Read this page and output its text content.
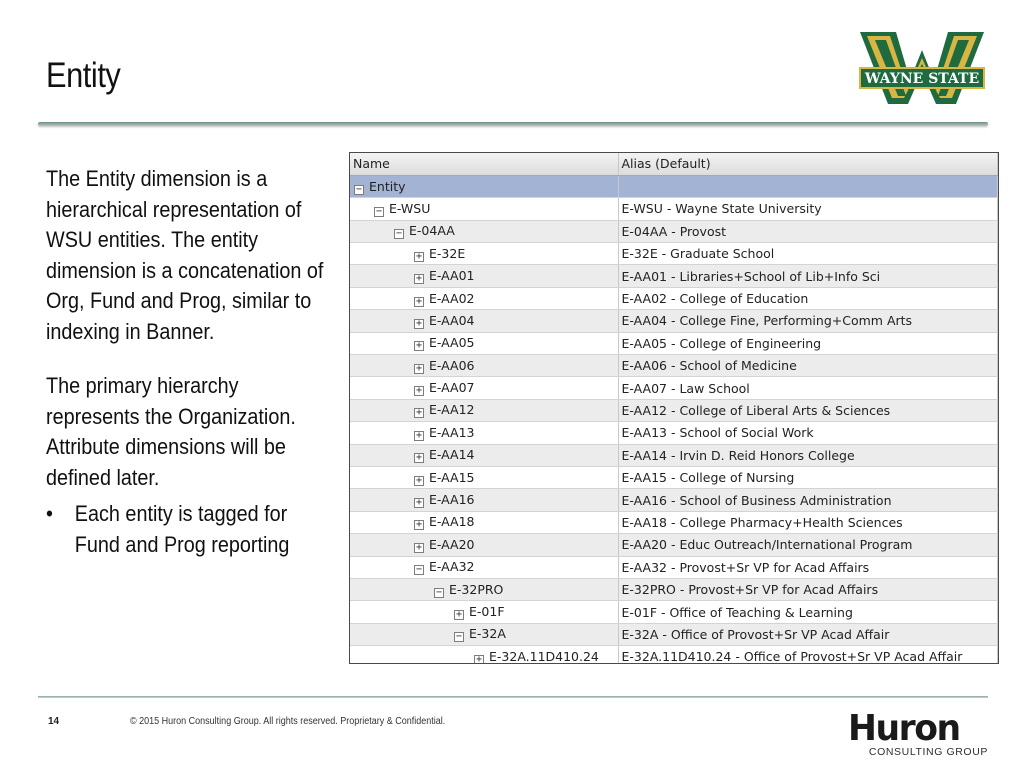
Entity	WAYNE STATE

The Entity dimension is a hierarchical representation of WSU entities. The entity dimension is a concatenation of Org, Fund and Prog, similar to indexing in Banner.

The primary hierarchy represents the Organization. Attribute dimensions will be defined later.

• Each entity is tagged for Fund and Prog reporting
Name	Alias (Default)
− Entity	
− E-WSU	E-WSU - Wayne State University
− E-04AA	E-04AA - Provost
+ E-32E	E-32E - Graduate School
+ E-AA01	E-AA01 - Libraries+School of Lib+Info Sci
+ E-AA02	E-AA02 - College of Education
+ E-AA04	E-AA04 - College Fine, Performing+Comm Arts
+ E-AA05	E-AA05 - College of Engineering
+ E-AA06	E-AA06 - School of Medicine
+ E-AA07	E-AA07 - Law School
+ E-AA12	E-AA12 - College of Liberal Arts & Sciences
+ E-AA13	E-AA13 - School of Social Work
+ E-AA14	E-AA14 - Irvin D. Reid Honors College
+ E-AA15	E-AA15 - College of Nursing
+ E-AA16	E-AA16 - School of Business Administration
+ E-AA18	E-AA18 - College Pharmacy+Health Sciences
+ E-AA20	E-AA20 - Educ Outreach/International Program
− E-AA32	E-AA32 - Provost+Sr VP for Acad Affairs
− E-32PRO	E-32PRO - Provost+Sr VP for Acad Affairs
+ E-01F	E-01F - Office of Teaching & Learning
− E-32A	E-32A - Office of Provost+Sr VP Acad Affair
+ E-32A.11D410.24	E-32A.11D410.24 - Office of Provost+Sr VP Acad Affair
14	© 2015 Huron Consulting Group. All rights reserved. Proprietary & Confidential.	Huron
CONSULTING GROUP
